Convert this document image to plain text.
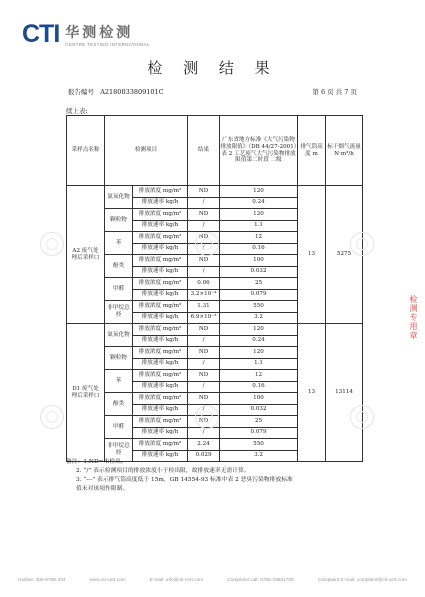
CTI 华测检测
CENTRE TESTING INTERNATIONAL
检 测 结 果
报告编号 A2180033809101C	第 6 页 共 7 页
续上表:
采样点名称	检测项目		结果	广东省地方标准《大气污染物排放限值》（DB 44/27-2001）表 2 工艺废气大气污染物排放限值第二时段 二级	排气筒高度 m	标干烟气流量 N·m³/h
A2 废气处理后采样口	氮氧化物	排放浓度 mg/m³	ND	120	13	5275
		排放速率 kg/h	/	0.24		
	颗粒物	排放浓度 mg/m³	ND	120		
		排放速率 kg/h	/	1.1		
	苯	排放浓度 mg/m³	ND	12		
		排放速率 kg/h	/	0.16		
	酚类	排放浓度 mg/m³	ND	100		
		排放速率 kg/h	/	0.032		
	甲醛	排放浓度 mg/m³	0.06	25		
		排放速率 kg/h	3.2×10⁻⁴	0.079		
	非甲烷总烃	排放浓度 mg/m³	1.31	550		
		排放速率 kg/h	6.9×10⁻³	3.2		
D1 废气处理后采样口	氮氧化物	排放浓度 mg/m³	ND	120	13	13114
		排放速率 kg/h	/	0.24		
	颗粒物	排放浓度 mg/m³	ND	120		
		排放速率 kg/h	/	1.1		
	苯	排放浓度 mg/m³	ND	12		
		排放速率 kg/h	/	0.16		
	酚类	排放浓度 mg/m³	ND	100		
		排放速率 kg/h	/	0.032		
	甲醛	排放浓度 mg/m³	ND	25		
		排放速率 kg/h	/	0.079		
	非甲烷总烃	排放浓度 mg/m³	2.24	550		
		排放速率 kg/h	0.029	3.2		
备注：1.ND=未检出。
2. “/” 表示检测项目的排放浓度小于检出限，故排放速率无需计算。
3. “---” 表示排气筒高度低于 15m，GB 14554-93 标准中表 2 恶臭污染物排放标准
值未对该项作限制。
检测专用章
Hotline: 400-6788-333	www.cti-cert.com	E-mail: info@cti-cert.com	Complaint call: 0755-33681700	Complaint E-mail: complaint@cti-cert.com
